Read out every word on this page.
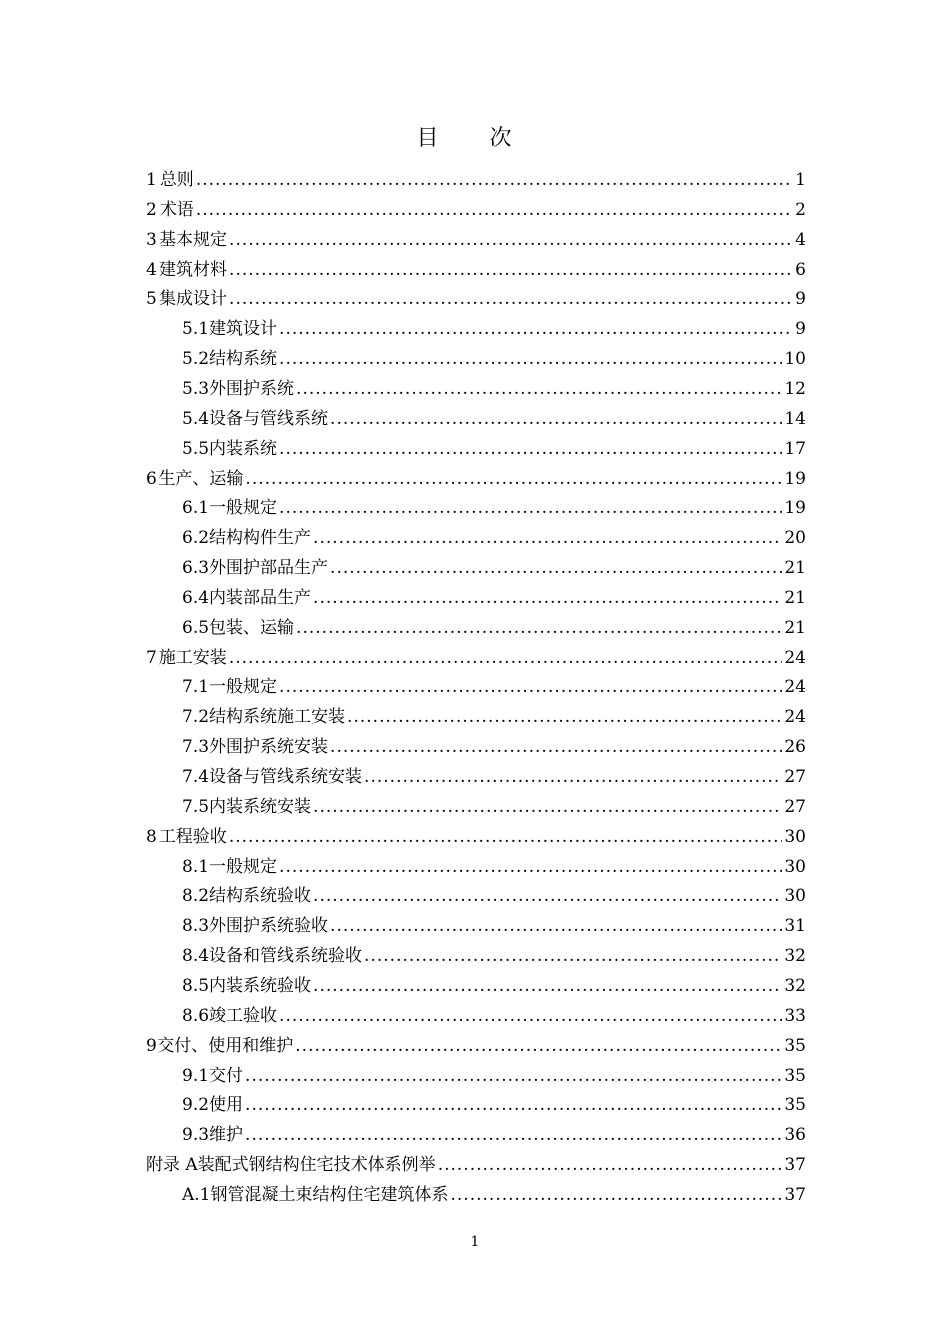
目 次
1 总则 .....	1
2 术语 .....	2
3 基本规定 .....	4
4 建筑材料 .....	6
5 集成设计 .....	9
5.1 建筑设计 .....	9
5.2 结构系统 .....	10
5.3 外围护系统 .....	12
5.4 设备与管线系统 .....	14
5.5 内装系统 .....	17
6 生产、运输 .....	19
6.1 一般规定 .....	19
6.2 结构构件生产 .....	20
6.3 外围护部品生产 .....	21
6.4 内装部品生产 .....	21
6.5 包装、运输 .....	21
7 施工安装 .....	24
7.1 一般规定 .....	24
7.2 结构系统施工安装 .....	24
7.3 外围护系统安装 .....	26
7.4 设备与管线系统安装 .....	27
7.5 内装系统安装 .....	27
8 工程验收 .....	30
8.1 一般规定 .....	30
8.2 结构系统验收 .....	30
8.3 外围护系统验收 .....	31
8.4 设备和管线系统验收 .....	32
8.5 内装系统验收 .....	32
8.6 竣工验收 .....	33
9 交付、使用和维护 .....	35
9.1 交付 .....	35
9.2 使用 .....	35
9.3 维护 .....	36
附录 A 装配式钢结构住宅技术体系例举 .....	37
A.1 钢管混凝土束结构住宅建筑体系 .....	37
1
